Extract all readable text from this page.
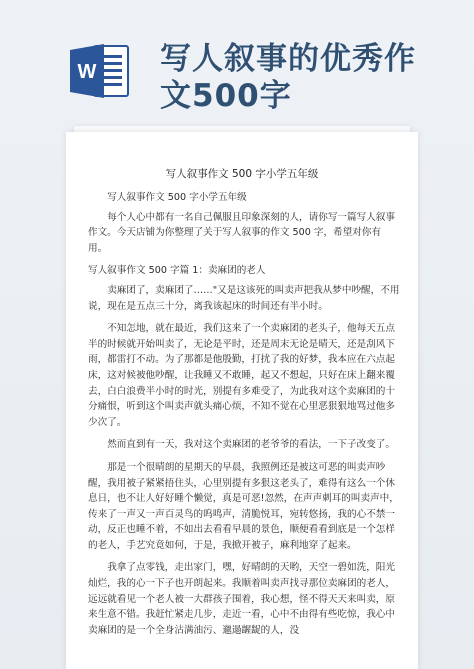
W 写人叙事的优秀作
文500字
写人叙事作文 500 字小学五年级

写人叙事作文 500 字小学五年级

每个人心中都有一名自己佩服且印象深刻的人，请你写一篇写人叙事作文。今天店铺为你整理了关于写人叙事的作文 500 字，希望对你有用。

写人叙事作文 500 字篇 1：卖麻团的老人

卖麻团了，卖麻团了……"又是这该死的叫卖声把我从梦中吵醒，不用说，现在是五点三十分，离我该起床的时间还有半小时。

不知怎地，就在最近，我们这来了一个卖麻团的老头子，他每天五点半的时候就开始叫卖了，无论是平时，还是周末无论是晴天，还是刮风下雨，都雷打不动。为了那都是他殷勤，打扰了我的好梦，我本应在六点起床，这对候被他吵醒，让我睡又不敢睡，起又不想起，只好在床上翻来覆去，白白浪费半小时的时光，别提有多难受了，为此我对这个卖麻团的十分痛恨，听到这个叫卖声就头痛心烦，不知不觉在心里恶狠狠地骂过他多少次了。

然而直到有一天，我对这个卖麻团的老爷爷的看法，一下子改变了。

那是一个很晴朗的星期天的早晨，我照例还是被这可恶的叫卖声吵醒，我用被子紧紧捂住头，心里别提有多狠这老头了，难得有这么一个休息日，也不让人好好睡个懒觉，真是可恶!忽然，在声声刺耳的叫卖声中，传来了一声又一声百灵鸟的呜鸣声，清脆悦耳，宛转悠扬，我的心不禁一动，反正也睡不着，不如出去看看早晨的景色，顺便看看到底是一个怎样的老人，手艺究竟如何，于是，我掀开被子，麻利地穿了起来。

我拿了点零钱，走出家门，嘿，好晴朗的天哟，天空一碧如洗，阳光灿烂，我的心一下子也开朗起来。我顺着叫卖声找寻那位卖麻团的老人，远远就看见一个老人被一大群孩子围着，我心想，怪不得天天来叫卖，原来生意不错。我赶忙紧走几步，走近一看，心中不由得有些吃惊，我心中卖麻团的是一个全身沾满油污、邋遢龌龊的人，没
